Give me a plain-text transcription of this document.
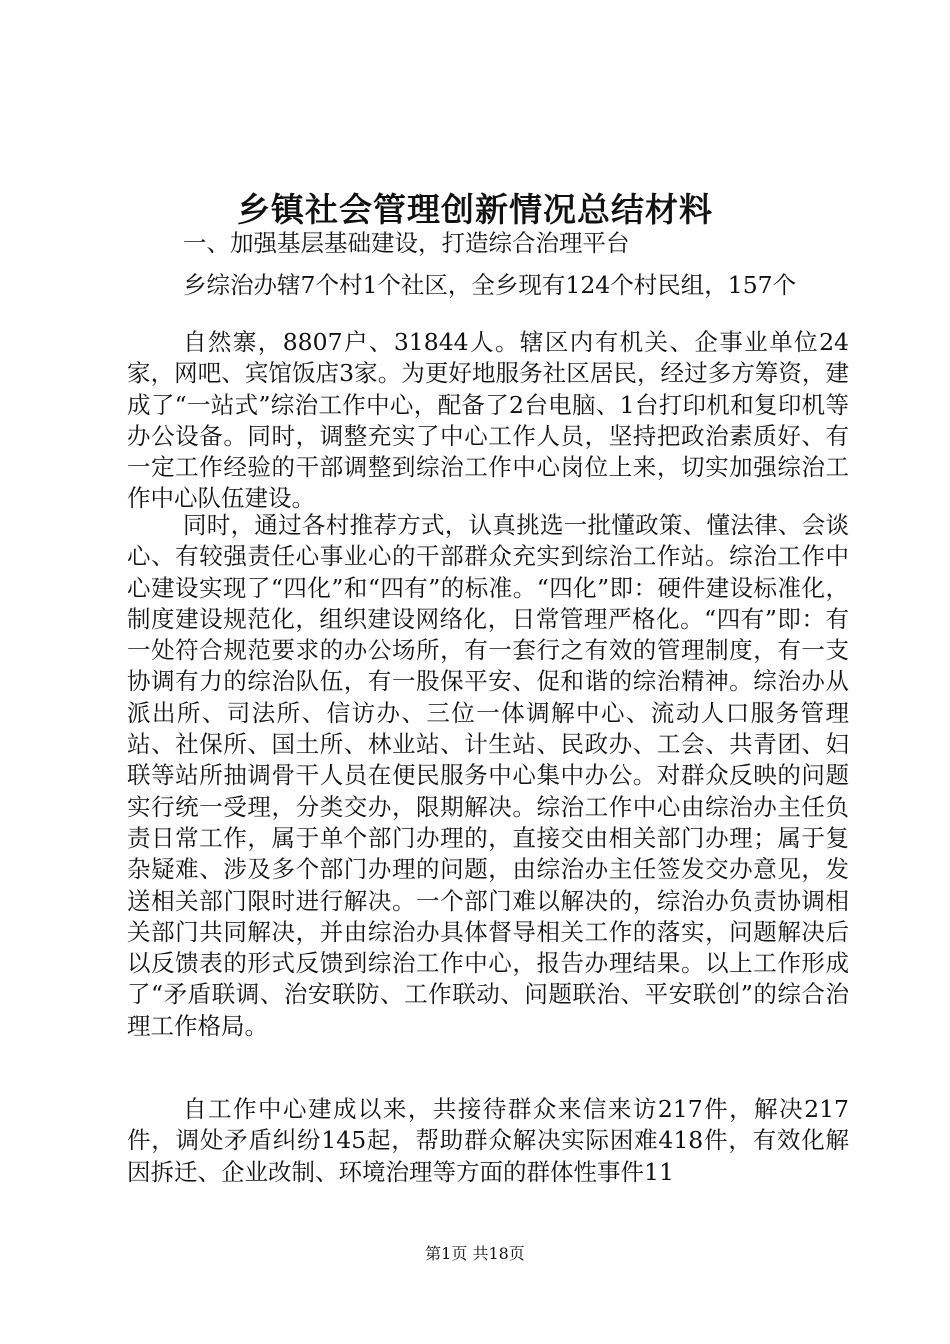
乡镇社会管理创新情况总结材料

一、加强基层基础建设，打造综合治理平台

乡综治办辖7个村1个社区，全乡现有124个村民组，157个

自然寨，8807户、31844人。辖区内有机关、企事业单位24家，网吧、宾馆饭店3家。为更好地服务社区居民，经过多方筹资，建成了“一站式”综治工作中心，配备了2台电脑、1台打印机和复印机等办公设备。同时，调整充实了中心工作人员，坚持把政治素质好、有一定工作经验的干部调整到综治工作中心岗位上来，切实加强综治工作中心队伍建设。

同时，通过各村推荐方式，认真挑选一批懂政策、懂法律、会谈心、有较强责任心事业心的干部群众充实到综治工作站。综治工作中心建设实现了“四化”和“四有”的标准。“四化”即：硬件建设标准化，制度建设规范化，组织建设网络化，日常管理严格化。“四有”即：有一处符合规范要求的办公场所，有一套行之有效的管理制度，有一支协调有力的综治队伍，有一股保平安、促和谐的综治精神。综治办从派出所、司法所、信访办、三位一体调解中心、流动人口服务管理站、社保所、国土所、林业站、计生站、民政办、工会、共青团、妇联等站所抽调骨干人员在便民服务中心集中办公。对群众反映的问题实行统一受理，分类交办，限期解决。综治工作中心由综治办主任负责日常工作，属于单个部门办理的，直接交由相关部门办理；属于复杂疑难、涉及多个部门办理的问题，由综治办主任签发交办意见，发送相关部门限时进行解决。一个部门难以解决的，综治办负责协调相关部门共同解决，并由综治办具体督导相关工作的落实，问题解决后以反馈表的形式反馈到综治工作中心，报告办理结果。以上工作形成了“矛盾联调、治安联防、工作联动、问题联治、平安联创”的综合治理工作格局。

自工作中心建成以来，共接待群众来信来访217件，解决217件，调处矛盾纠纷145起，帮助群众解决实际困难418件，有效化解因拆迁、企业改制、环境治理等方面的群体性事件11

第1页 共18页
